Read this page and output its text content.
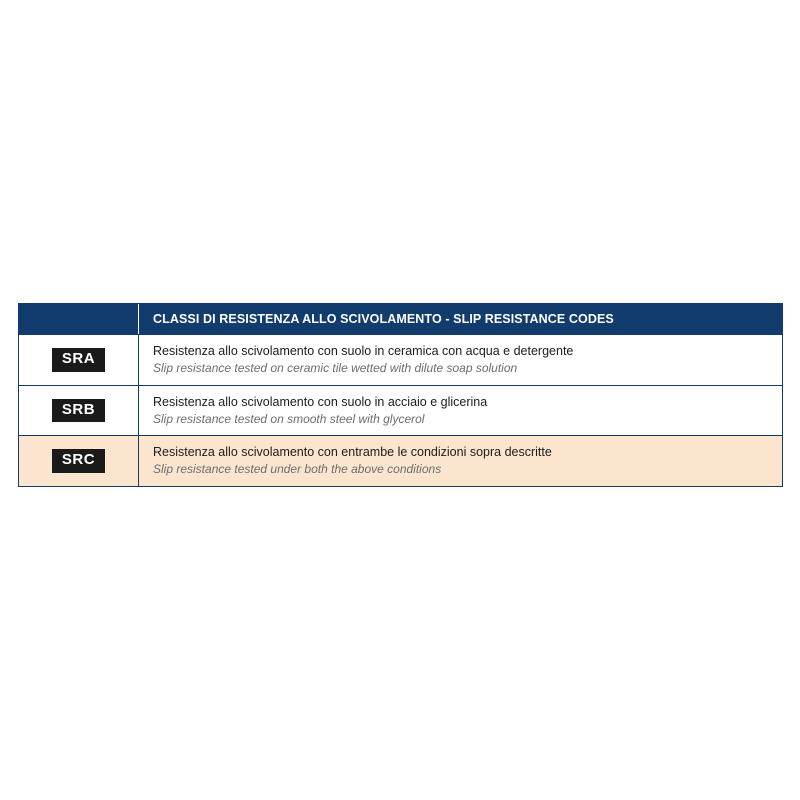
CLASSI DI RESISTENZA ALLO SCIVOLAMENTO - SLIP RESISTANCE CODES
SRA	Resistenza allo scivolamento con suolo in ceramica con acqua e detergente
Slip resistance tested on ceramic tile wetted with dilute soap solution
SRB	Resistenza allo scivolamento con suolo in acciaio e glicerina
Slip resistance tested on smooth steel with glycerol
SRC	Resistenza allo scivolamento con entrambe le condizioni sopra descritte
Slip resistance tested under both the above conditions
